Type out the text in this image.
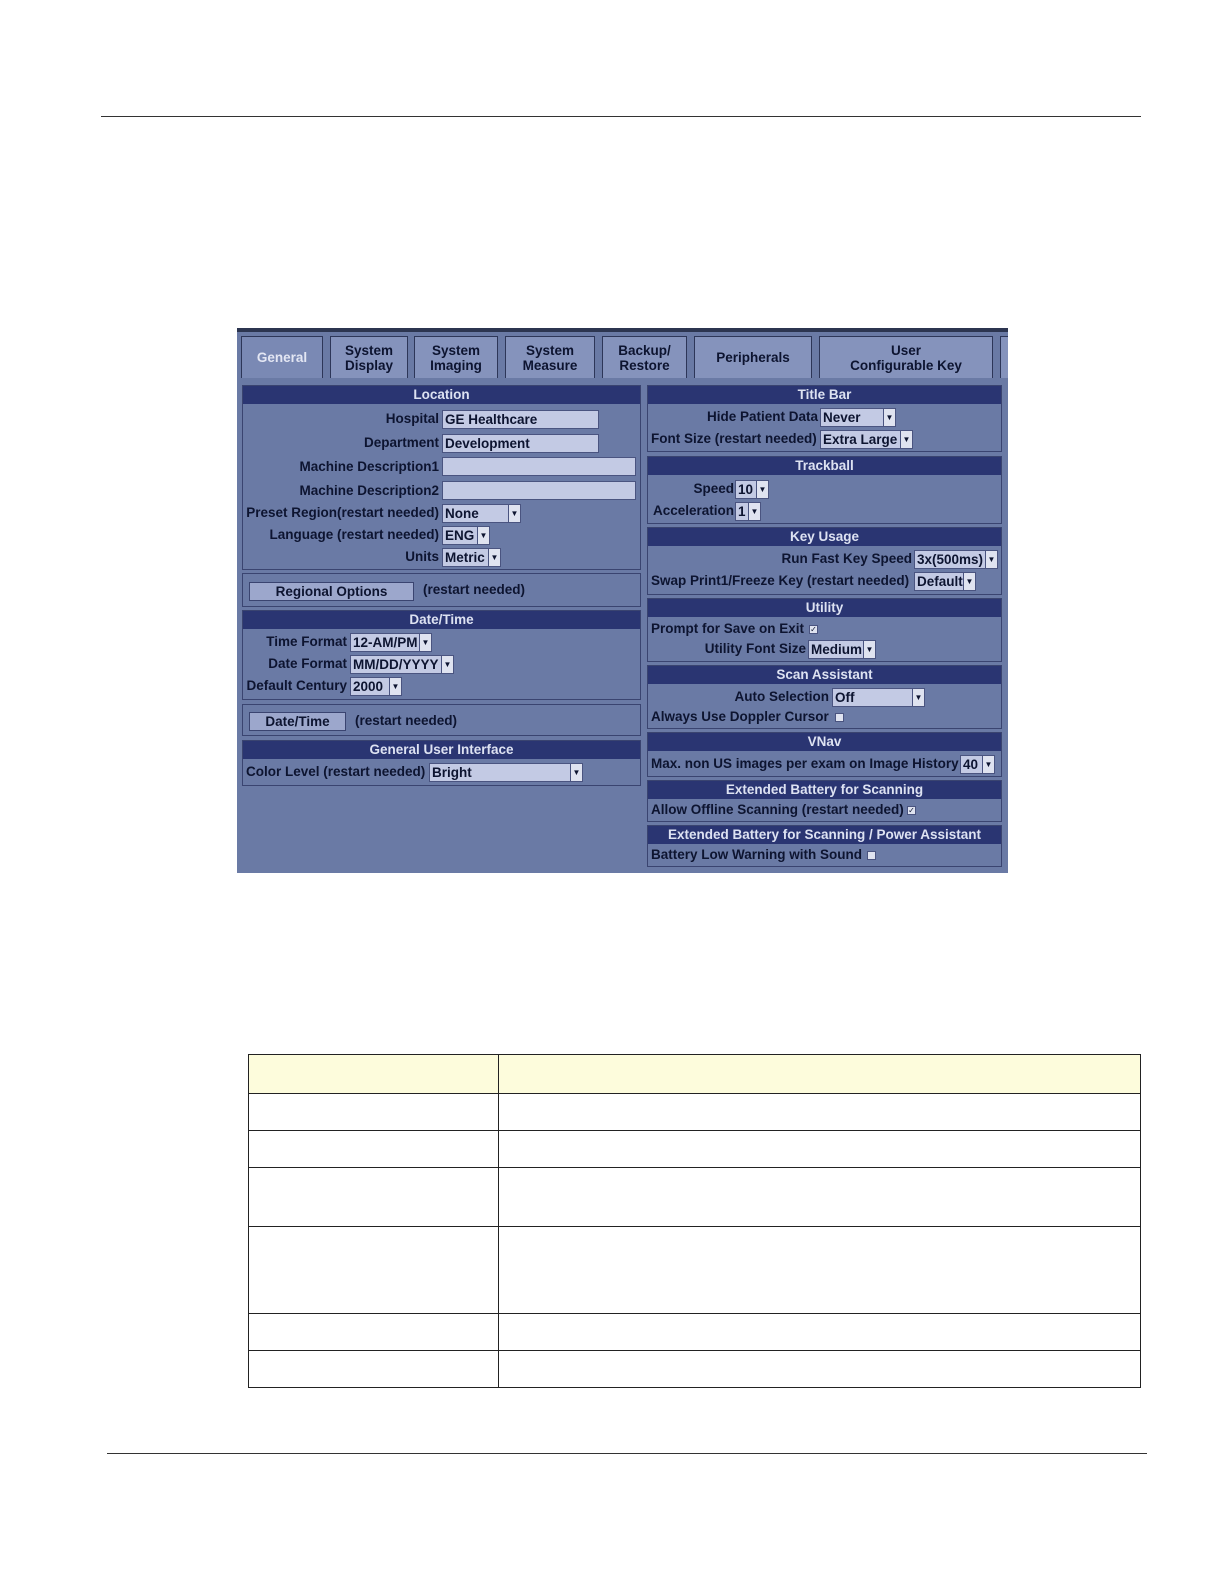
General	System
Display
System
Imaging
System
Measure
Backup/
Restore	Peripherals	User
Configurable Key
Location
Hospital GE Healthcare
Department Development
Machine Description1
Machine Description2
Preset Region(restart needed) None	▼
Language (restart needed) ENG ▼
Units Metric ▼
Regional Options	(restart needed)
Date/Time
Time Format 12-AM/PM ▼
Date Format MM/DD/YYYY ▼
Default Century 2000	▼
Date/Time	(restart needed)
General User Interface
Color Level (restart needed) Bright	▼
Title Bar
Hide Patient Data Never	▼
Font Size (restart needed) Extra Large ▼
Trackball
Speed 10 ▼
Acceleration 1 ▼
Key Usage
Run Fast Key Speed 3x(500ms) ▼
Swap Print1/Freeze Key (restart needed) Default ▼
Utility
Prompt for Save on Exit ✓
Utility Font Size Medium ▼
Scan Assistant
Auto Selection Off	▼
Always Use Doppler Cursor
VNav
Max. non US images per exam on Image History 40 ▼
Extended Battery for Scanning
Allow Offline Scanning (restart needed) ✓
Extended Battery for Scanning / Power Assistant
Battery Low Warning with Sound
